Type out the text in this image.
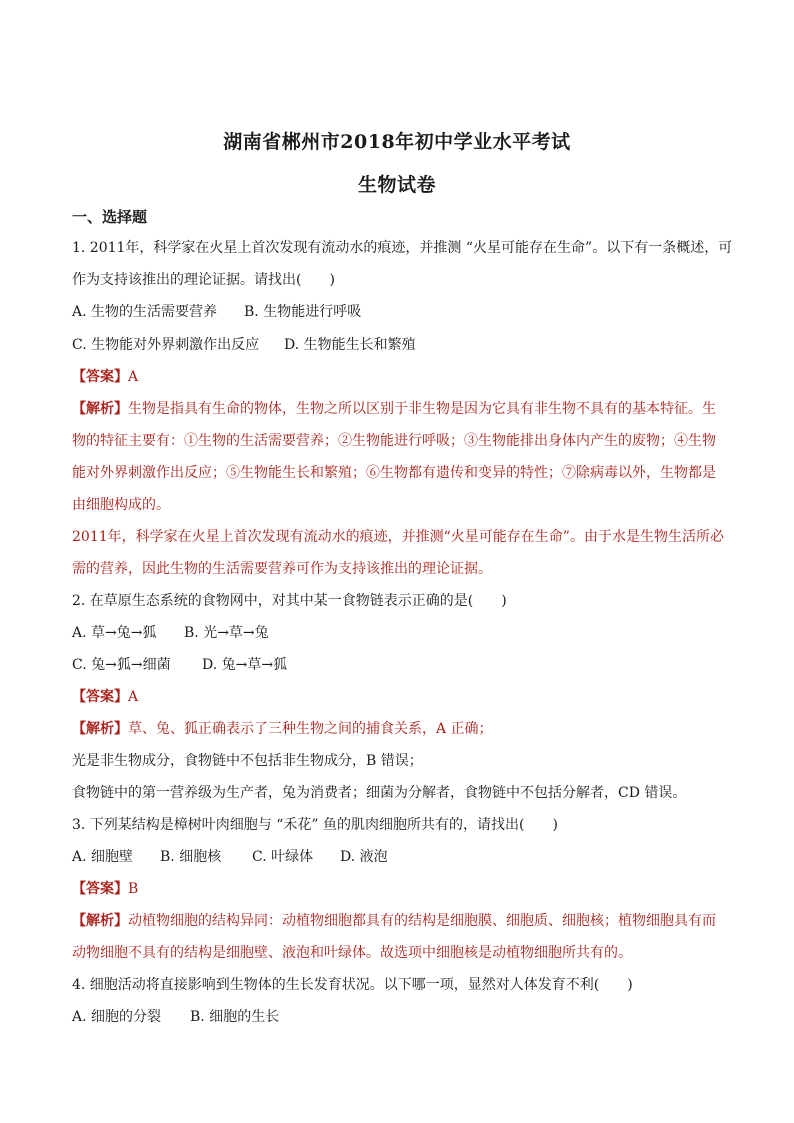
湖南省郴州市2018年初中学业水平考试
生物试卷
一、选择题
1. 2011年，科学家在火星上首次发现有流动水的痕迹，并推测 “火星可能存在生命”。以下有一条概述，可
作为支持该推出的理论证据。请找出(　　)
A. 生物的生活需要营养 B. 生物能进行呼吸
C. 生物能对外界刺激作出反应 D. 生物能生长和繁殖
【答案】A
【解析】生物是指具有生命的物体，生物之所以区别于非生物是因为它具有非生物不具有的基本特征。生
物的特征主要有：①生物的生活需要营养；②生物能进行呼吸；③生物能排出身体内产生的废物；④生物
能对外界刺激作出反应；⑤生物能生长和繁殖；⑥生物都有遗传和变异的特性；⑦除病毒以外，生物都是
由细胞构成的。
2011年，科学家在火星上首次发现有流动水的痕迹，并推测“火星可能存在生命”。由于水是生物生活所必
需的营养，因此生物的生活需要营养可作为支持该推出的理论证据。
2. 在草原生态系统的食物网中，对其中某一食物链表示正确的是(　　)
A. 草→兔→狐 B. 光→草→兔
C. 兔→狐→细菌 D. 兔→草→狐
【答案】A
【解析】草、兔、狐正确表示了三种生物之间的捕食关系，A 正确；
光是非生物成分，食物链中不包括非生物成分，B 错误；
食物链中的第一营养级为生产者，兔为消费者；细菌为分解者，食物链中不包括分解者，CD 错误。
3. 下列某结构是樟树叶肉细胞与 “禾花” 鱼的肌肉细胞所共有的，请找出(　　)
A. 细胞壁 B. 细胞核 C. 叶绿体 D. 液泡
【答案】B
【解析】动植物细胞的结构异同：动植物细胞都具有的结构是细胞膜、细胞质、细胞核；植物细胞具有而
动物细胞不具有的结构是细胞壁、液泡和叶绿体。故选项中细胞核是动植物细胞所共有的。
4. 细胞活动将直接影响到生物体的生长发育状况。以下哪一项，显然对人体发育不利(　　)
A. 细胞的分裂 B. 细胞的生长
